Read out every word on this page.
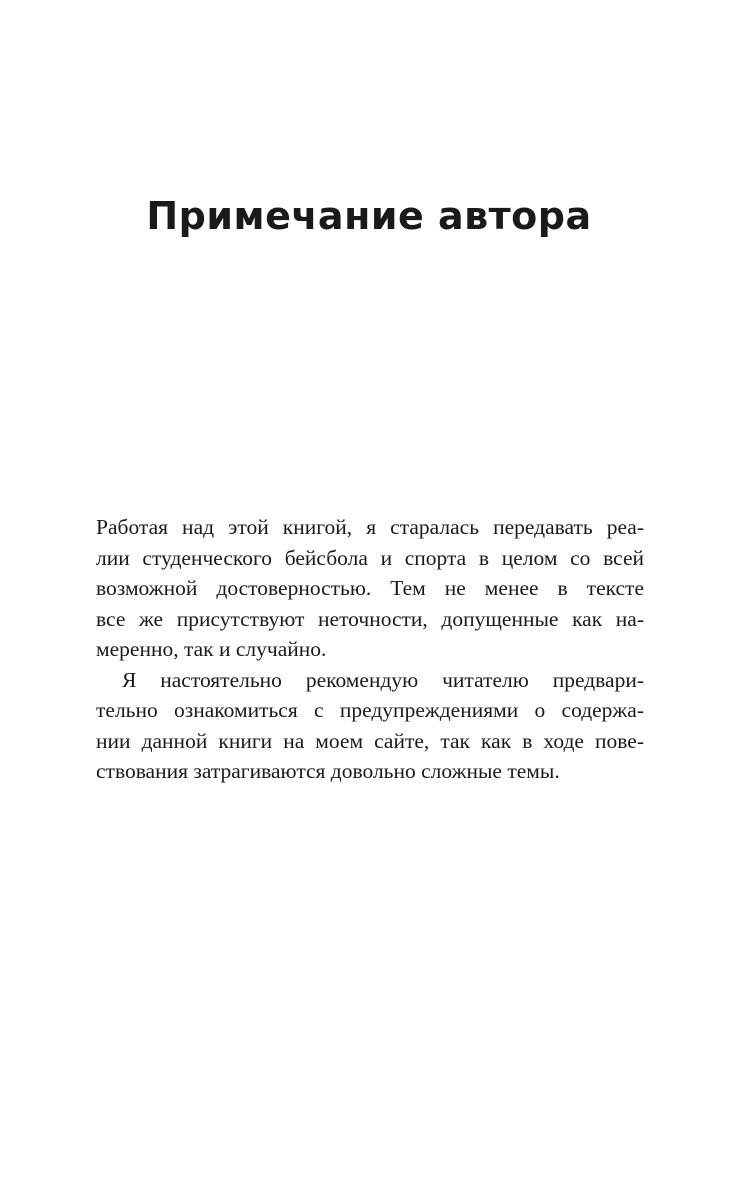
Примечание автора
Работая над этой книгой, я старалась передавать реа-
лии студенческого бейсбола и спорта в целом со всей
возможной достоверностью. Тем не менее в тексте
все же присутствуют неточности, допущенные как на-
меренно, так и случайно.
Я настоятельно рекомендую читателю предвари-
тельно ознакомиться с предупреждениями о содержа-
нии данной книги на моем сайте, так как в ходе пове-
ствования затрагиваются довольно сложные темы.
